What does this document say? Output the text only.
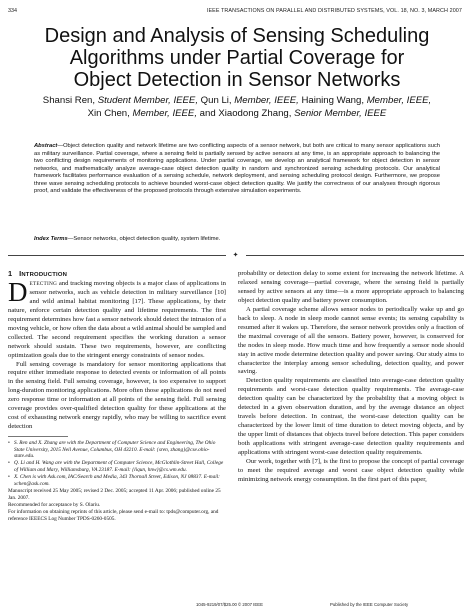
334	IEEE TRANSACTIONS ON PARALLEL AND DISTRIBUTED SYSTEMS, VOL. 18, NO. 3, MARCH 2007
Design and Analysis of Sensing Scheduling
Algorithms under Partial Coverage for
Object Detection in Sensor Networks
Shansi Ren, Student Member, IEEE, Qun Li, Member, IEEE, Haining Wang, Member, IEEE,
Xin Chen, Member, IEEE, and Xiaodong Zhang, Senior Member, IEEE
Abstract—Object detection quality and network lifetime are two conflicting aspects of a sensor network, but both are critical to many sensor applications such as military surveillance. Partial coverage, where a sensing field is partially sensed by active sensors at any time, is an appropriate approach to balancing the two conflicting design requirements of monitoring applications. Under partial coverage, we develop an analytical framework for object detection in sensor networks, and mathematically analyze average-case object detection quality in random and synchronized sensing scheduling protocols. Our analytical framework facilitates performance evaluation of a sensing schedule, network deployment, and sensing scheduling protocol design. Furthermore, we propose three wave sensing scheduling protocols to achieve bounded worst-case object detection quality. We justify the correctness of our analyses through rigorous proof, and validate the effectiveness of the proposed protocols through extensive simulation experiments.
Index Terms—Sensor networks, object detection quality, system lifetime.
✦

1 INTRODUCTION

DETECTING and tracking moving objects is a major class of applications in sensor networks, such as vehicle detection in military surveillance [10] and wild animal habitat monitoring [17]. These applications, by their nature, enforce certain detection quality and lifetime requirements. The first requirement determines how fast a sensor network should detect the intrusion of a moving vehicle, or how often the data about a wild animal should be sampled and collected. The second requirement specifies the working duration a sensor network should sustain. These two requirements, however, are conflicting optimization goals due to the stringent energy constraints of sensor nodes.

Full sensing coverage is mandatory for sensor monitoring applications that require either immediate response to detected events or information of all points in the sensing field. Full sensing coverage, however, is too expensive to support long-duration monitoring applications. More often those applications do not need zero response time or information at all points of the sensing field. Full sensing coverage provides over-qualified detection quality for these applications at the cost of exhausting network energy rapidly, who may be willing to sacrifice event detection

• S. Ren and X. Zhang are with the Department of Computer Science and Engineering, The Ohio State University, 2015 Neil Avenue, Columbus, OH 43210. E-mail: {sren, zhang}@cse.ohio-state.edu.

• Q. Li and H. Wang are with the Department of Computer Science, McGlothlin-Street Hall, College of William and Mary, Williamsburg, VA 23187. E-mail: {liqun, hnw}@cs.wm.edu.

• X. Chen is with Ask.com, IAC/Search and Media, 343 Thornall Street, Edison, NJ 08837. E-mail: xchen@ask.com.

Manuscript received 25 May 2005; revised 2 Dec. 2005; accepted 11 Apr. 2006; published online 25 Jan. 2007.

Recommended for acceptance by S. Olariu.

For information on obtaining reprints of this article, please send e-mail to: tpds@computer.org, and reference IEEECS Log Number TPDS-0260-0505.

probability or detection delay to some extent for increasing the network lifetime. A relaxed sensing coverage—partial coverage, where the sensing field is partially sensed by active sensors at any time—is a more appropriate approach to balancing object detection quality and battery power consumption.

A partial coverage scheme allows sensor nodes to periodically wake up and go back to sleep. A node in sleep mode cannot sense events; its sensing capability is resumed after it wakes up. Therefore, the sensor network provides only a fraction of the maximal coverage of all the sensors. Battery power, however, is conserved for the nodes in sleep mode. How much time and how frequently a sensor node should stay in active mode determine detection quality and power saving. Our study aims to characterize the interplay among sensor scheduling, detection quality, and power saving.

Detection quality requirements are classified into average-case detection quality requirements and worst-case detection quality requirements. The average-case detection quality can be characterized by the probability that a moving object is detected in a given observation duration, and by the average distance an object travels before detection. In contrast, the worst-case detection quality can be characterized by the lower limit of time duration to detect moving objects, and by the upper limit of distances that objects travel before detection. This paper considers both applications with stringent average-case detection quality requirements and applications with stringent worst-case detection quality requirements.

Our work, together with [7], is the first to propose the concept of partial coverage to meet the required average and worst case object detection quality while minimizing network energy consumption. In the first part of this paper,

1045-9219/07/$25.00 © 2007 IEEE	Published by the IEEE Computer Society
